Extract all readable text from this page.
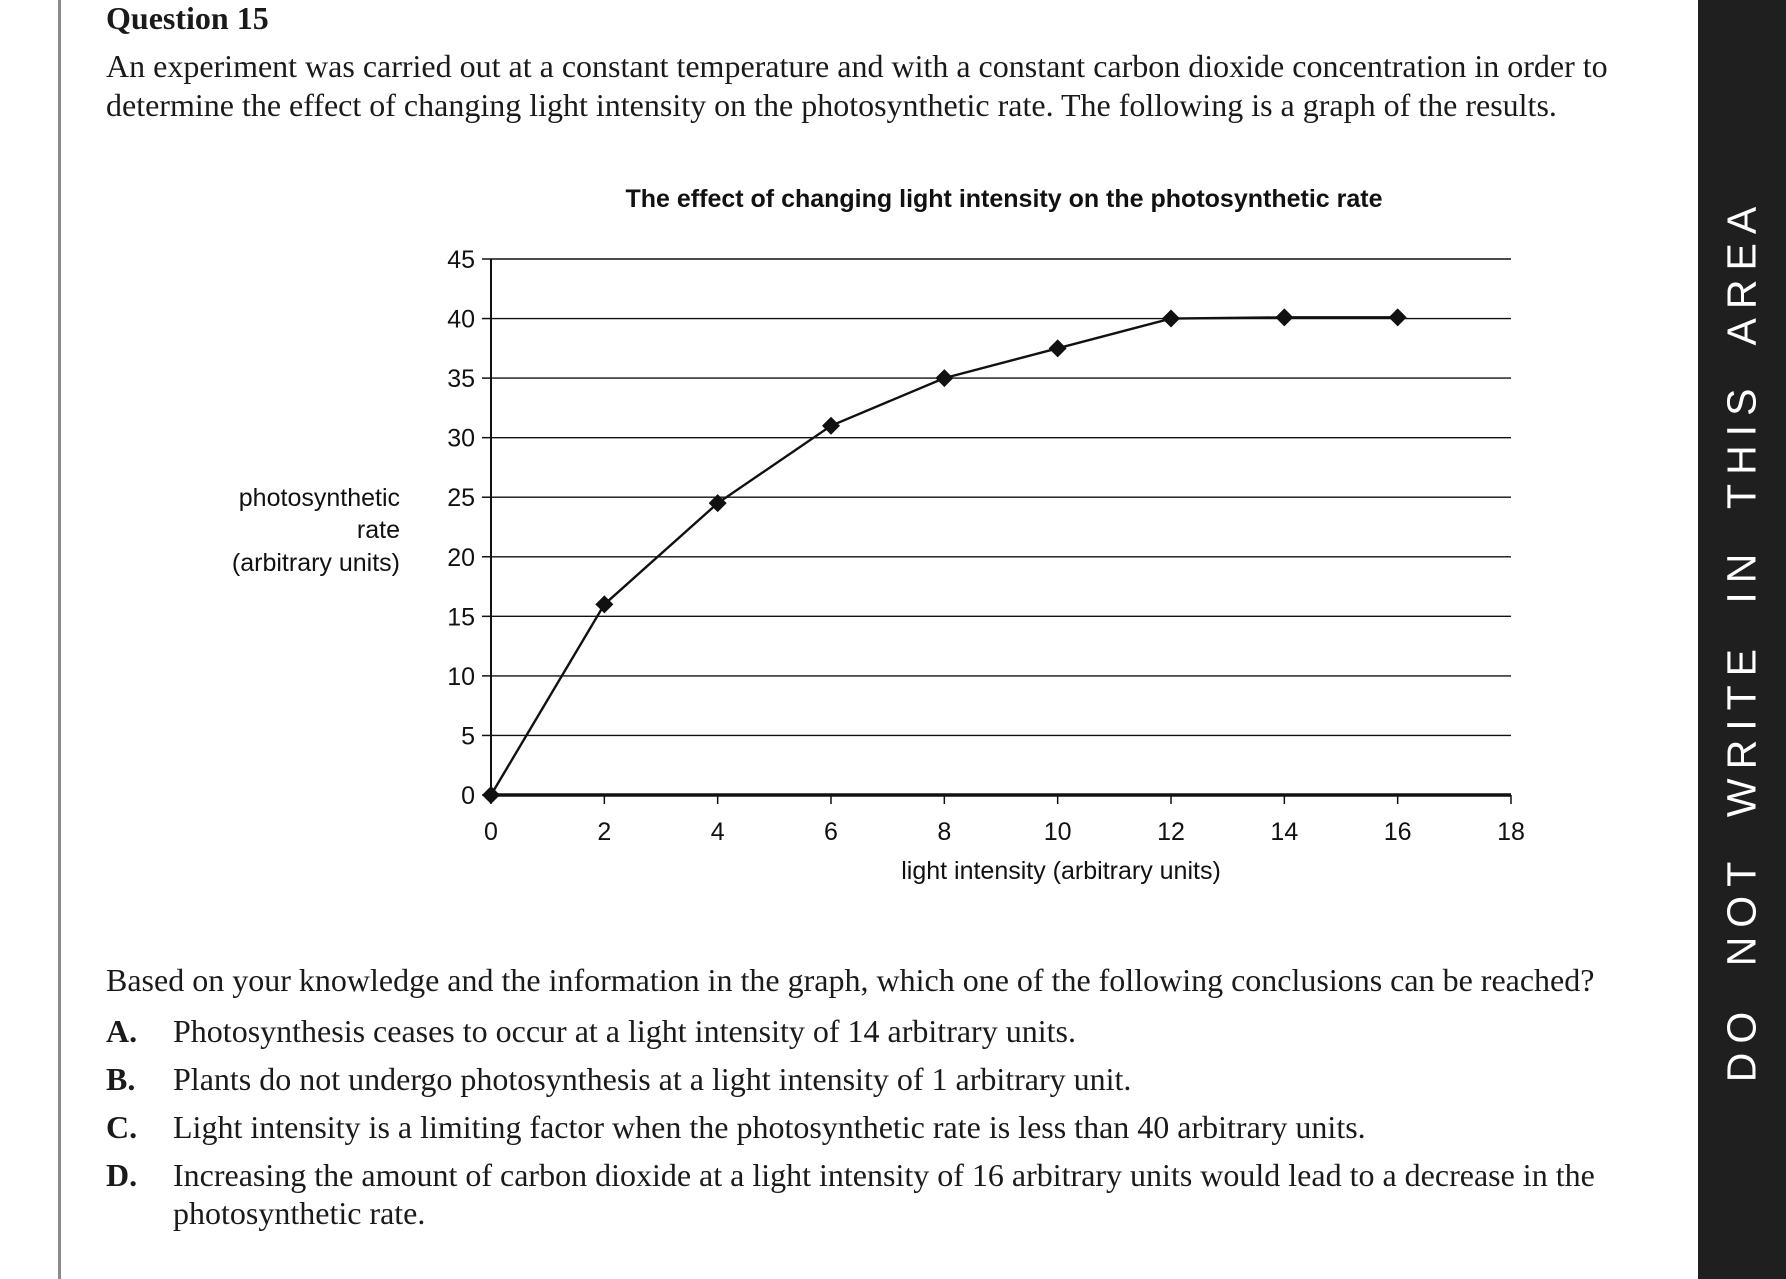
DO NOT WRITE IN THIS AREA
Question 15

An experiment was carried out at a constant temperature and with a constant carbon dioxide concentration in order to determine the effect of changing light intensity on the photosynthetic rate. The following is a graph of the results.

The effect of changing light intensity on the photosynthetic rate
photosynthetic
rate
(arbitrary units)
light intensity (arbitrary units)
0
5
10
15
20
25
30
35
40
45
0	2	4	6	8	10	12	14	16	18

Based on your knowledge and the information in the graph, which one of the following conclusions can be reached?

A. Photosynthesis ceases to occur at a light intensity of 14 arbitrary units.
B. Plants do not undergo photosynthesis at a light intensity of 1 arbitrary unit.
C. Light intensity is a limiting factor when the photosynthetic rate is less than 40 arbitrary units.
D. Increasing the amount of carbon dioxide at a light intensity of 16 arbitrary units would lead to a decrease in the photosynthetic rate.
